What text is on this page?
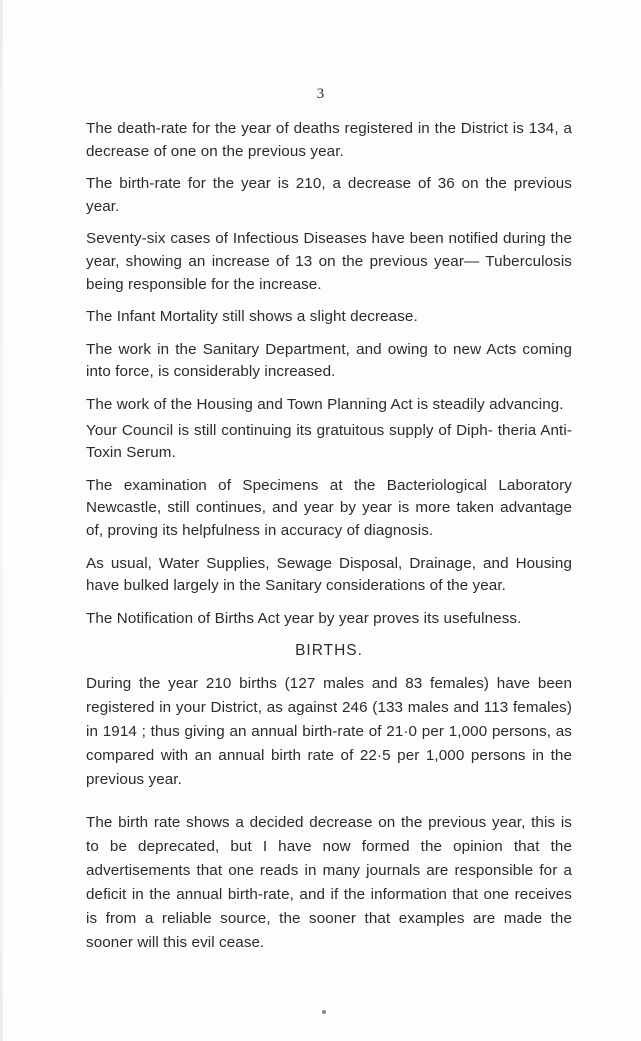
3

The death-rate for the year of deaths registered in the District is 134, a decrease of one on the previous year.

The birth-rate for the year is 210, a decrease of 36 on the previous year.

Seventy-six cases of Infectious Diseases have been notified during the year, showing an increase of 13 on the previous year— Tuberculosis being responsible for the increase.

The Infant Mortality still shows a slight decrease.

The work in the Sanitary Department, and owing to new Acts coming into force, is considerably increased.

The work of the Housing and Town Planning Act is steadily advancing.

Your Council is still continuing its gratuitous supply of Diph- theria Anti-Toxin Serum.

The examination of Specimens at the Bacteriological Laboratory Newcastle, still continues, and year by year is more taken advantage of, proving its helpfulness in accuracy of diagnosis.

As usual, Water Supplies, Sewage Disposal, Drainage, and Housing have bulked largely in the Sanitary considerations of the year.

The Notification of Births Act year by year proves its usefulness.

BIRTHS.

During the year 210 births (127 males and 83 females) have been registered in your District, as against 246 (133 males and 113 females) in 1914 ; thus giving an annual birth-rate of 21·0 per 1,000 persons, as compared with an annual birth rate of 22·5 per 1,000 persons in the previous year.

The birth rate shows a decided decrease on the previous year, this is to be deprecated, but I have now formed the opinion that the advertisements that one reads in many journals are responsible for a deficit in the annual birth-rate, and if the information that one receives is from a reliable source, the sooner that examples are made the sooner will this evil cease.
